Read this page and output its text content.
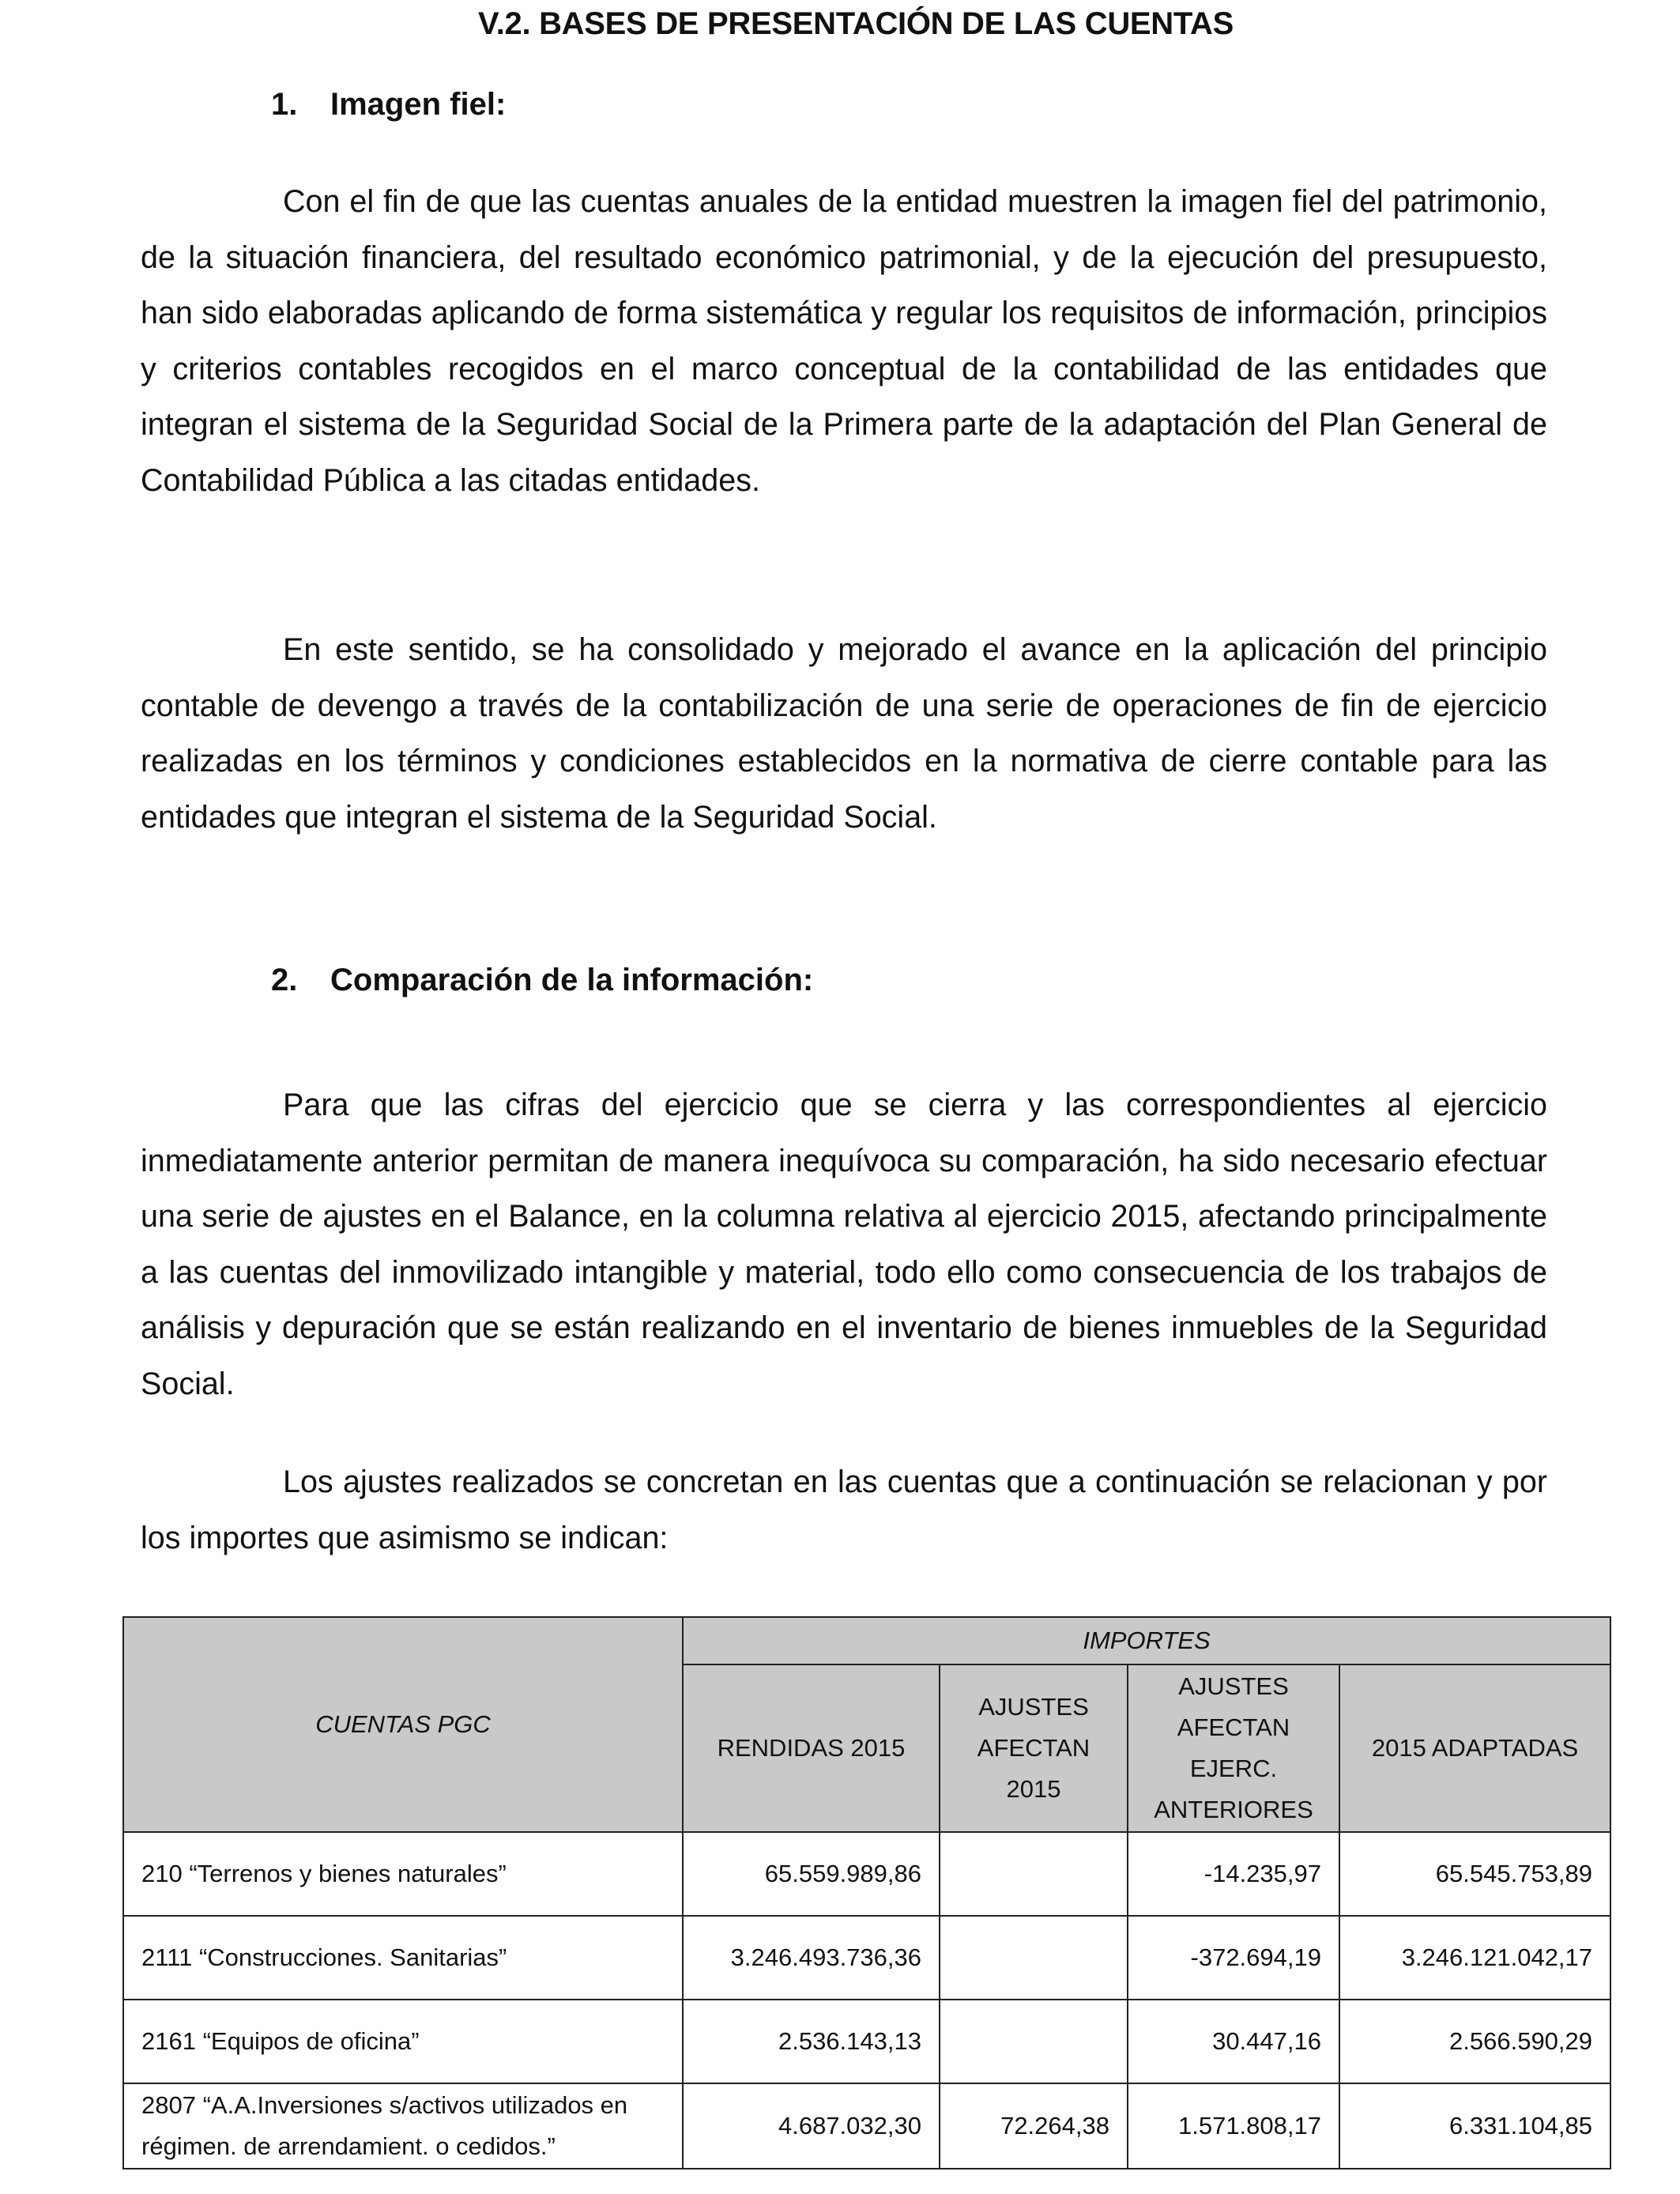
V.2. BASES DE PRESENTACIÓN DE LAS CUENTAS
1. Imagen fiel:

Con el fin de que las cuentas anuales de la entidad muestren la imagen fiel del patrimonio, de la situación financiera, del resultado económico patrimonial, y de la ejecución del presupuesto, han sido elaboradas aplicando de forma sistemática y regular los requisitos de información, principios y criterios contables recogidos en el marco conceptual de la contabilidad de las entidades que integran el sistema de la Seguridad Social de la Primera parte de la adaptación del Plan General de Contabilidad Pública a las citadas entidades.

En este sentido, se ha consolidado y mejorado el avance en la aplicación del principio contable de devengo a través de la contabilización de una serie de operaciones de fin de ejercicio realizadas en los términos y condiciones establecidos en la normativa de cierre contable para las entidades que integran el sistema de la Seguridad Social.

2. Comparación de la información:

Para que las cifras del ejercicio que se cierra y las correspondientes al ejercicio inmediatamente anterior permitan de manera inequívoca su comparación, ha sido necesario efectuar una serie de ajustes en el Balance, en la columna relativa al ejercicio 2015, afectando principalmente a las cuentas del inmovilizado intangible y material, todo ello como consecuencia de los trabajos de análisis y depuración que se están realizando en el inventario de bienes inmuebles de la Seguridad Social.

Los ajustes realizados se concretan en las cuentas que a continuación se relacionan y por los importes que asimismo se indican:

CUENTAS PGC	IMPORTES			
	RENDIDAS 2015	AJUSTES AFECTAN 2015	AJUSTES AFECTAN EJERC. ANTERIORES	2015 ADAPTADAS
210 “Terrenos y bienes naturales”	65.559.989,86		-14.235,97	65.545.753,89
2111 “Construcciones. Sanitarias”	3.246.493.736,36		-372.694,19	3.246.121.042,17
2161 “Equipos de oficina”	2.536.143,13		30.447,16	2.566.590,29
2807 “A.A.Inversiones s/activos utilizados en régimen. de arrendamient. o cedidos.”	4.687.032,30	72.264,38	1.571.808,17	6.331.104,85
